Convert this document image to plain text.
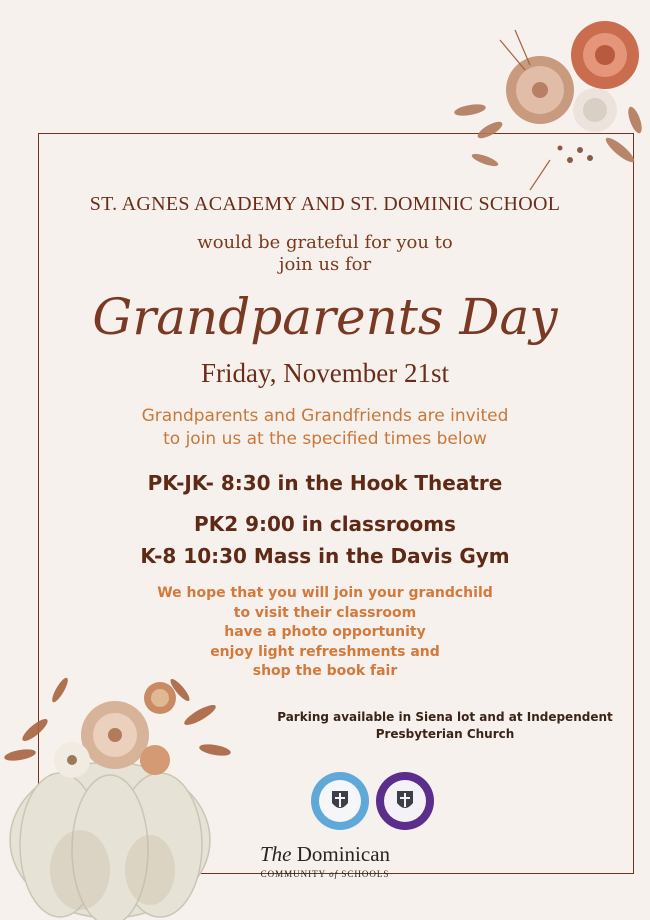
ST. AGNES ACADEMY AND ST. DOMINIC SCHOOL
would be grateful for you to
join us for
Grandparents Day
Friday, November 21st
Grandparents and Grandfriends are invited
to join us at the specified times below
PK-JK- 8:30 in the Hook Theatre
PK2 9:00 in classrooms
K-8 10:30 Mass in the Davis Gym
We hope that you will join your grandchild
to visit their classroom
have a photo opportunity
enjoy light refreshments and
shop the book fair
Parking available in Siena lot and at Independent
Presbyterian Church
The Dominican
COMMUNITY of SCHOOLS
